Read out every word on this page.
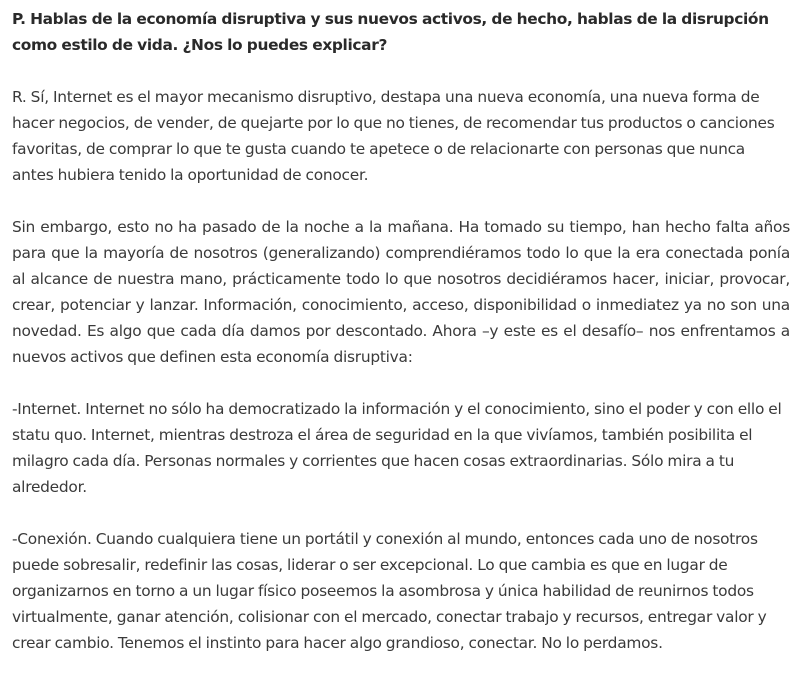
P. Hablas de la economía disruptiva y sus nuevos activos, de hecho, hablas de la disrupción como estilo de vida. ¿Nos lo puedes explicar?

R. Sí, Internet es el mayor mecanismo disruptivo, destapa una nueva economía, una nueva forma de hacer negocios, de vender, de quejarte por lo que no tienes, de recomendar tus productos o canciones favoritas, de comprar lo que te gusta cuando te apetece o de relacionarte con personas que nunca antes hubiera tenido la oportunidad de conocer.

Sin embargo, esto no ha pasado de la noche a la mañana. Ha tomado su tiempo, han hecho falta años para que la mayoría de nosotros (generalizando) comprendiéramos todo lo que la era conectada ponía al alcance de nuestra mano, prácticamente todo lo que nosotros decidiéramos hacer, iniciar, provocar, crear, potenciar y lanzar. Información, conocimiento, acceso, disponibilidad o inmediatez ya no son una novedad. Es algo que cada día damos por descontado. Ahora –y este es el desafío– nos enfrentamos a nuevos activos que definen esta economía disruptiva:

-Internet. Internet no sólo ha democratizado la información y el conocimiento, sino el poder y con ello el statu quo. Internet, mientras destroza el área de seguridad en la que vivíamos, también posibilita el milagro cada día. Personas normales y corrientes que hacen cosas extraordinarias. Sólo mira a tu alrededor.

-Conexión. Cuando cualquiera tiene un portátil y conexión al mundo, entonces cada uno de nosotros puede sobresalir, redefinir las cosas, liderar o ser excepcional. Lo que cambia es que en lugar de organizarnos en torno a un lugar físico poseemos la asombrosa y única habilidad de reunirnos todos virtualmente, ganar atención, colisionar con el mercado, conectar trabajo y recursos, entregar valor y crear cambio. Tenemos el instinto para hacer algo grandioso, conectar. No lo perdamos.
